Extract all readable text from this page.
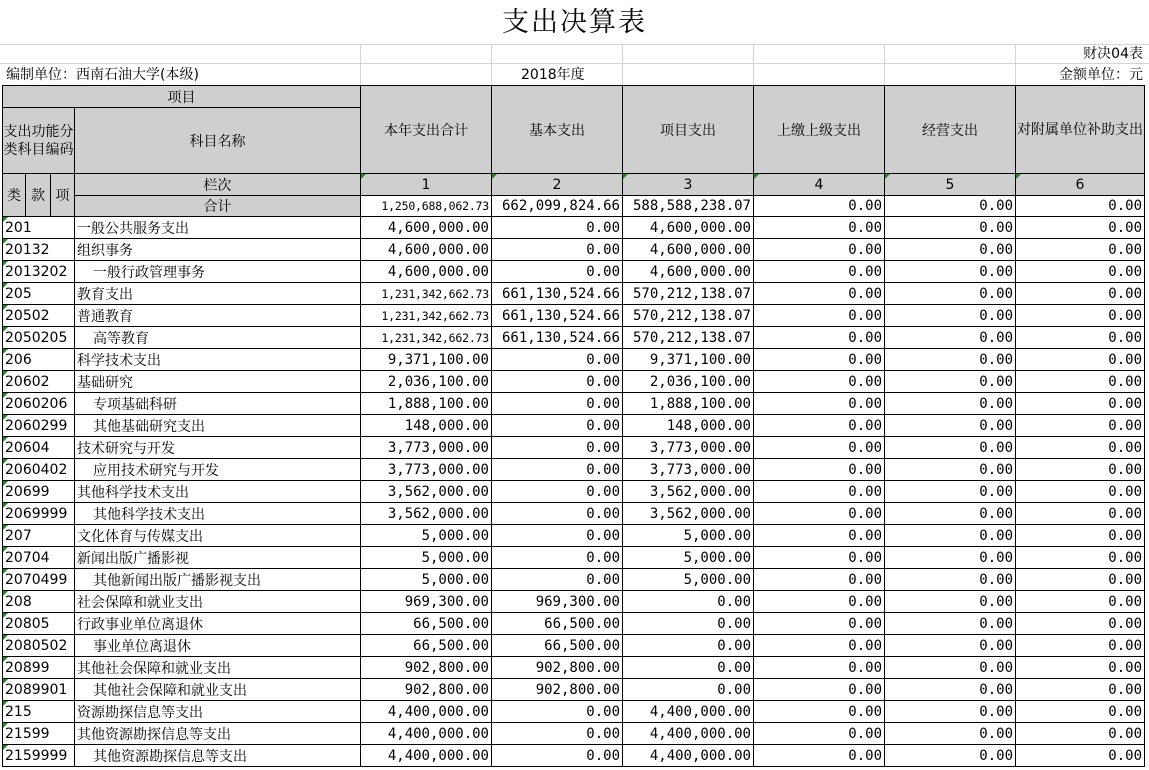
支出决算表
财决04表
编制单位：西南石油大学(本级)	2018年度	金额单位：元
项目				本年支出合计	基本支出	项目支出	上缴上级支出	经营支出	对附属单位补助支出
支出功能分类科目编码			科目名称						
类	款	项	栏次	1	2	3	4	5	6
			合计	1,250,688,062.73	662,099,824.66	588,588,238.07	0.00	0.00	0.00
201			一般公共服务支出	4,600,000.00	0.00	4,600,000.00	0.00	0.00	0.00
20132			组织事务	4,600,000.00	0.00	4,600,000.00	0.00	0.00	0.00
2013202			一般行政管理事务	4,600,000.00	0.00	4,600,000.00	0.00	0.00	0.00
205			教育支出	1,231,342,662.73	661,130,524.66	570,212,138.07	0.00	0.00	0.00
20502			普通教育	1,231,342,662.73	661,130,524.66	570,212,138.07	0.00	0.00	0.00
2050205			高等教育	1,231,342,662.73	661,130,524.66	570,212,138.07	0.00	0.00	0.00
206			科学技术支出	9,371,100.00	0.00	9,371,100.00	0.00	0.00	0.00
20602			基础研究	2,036,100.00	0.00	2,036,100.00	0.00	0.00	0.00
2060206			专项基础科研	1,888,100.00	0.00	1,888,100.00	0.00	0.00	0.00
2060299			其他基础研究支出	148,000.00	0.00	148,000.00	0.00	0.00	0.00
20604			技术研究与开发	3,773,000.00	0.00	3,773,000.00	0.00	0.00	0.00
2060402			应用技术研究与开发	3,773,000.00	0.00	3,773,000.00	0.00	0.00	0.00
20699			其他科学技术支出	3,562,000.00	0.00	3,562,000.00	0.00	0.00	0.00
2069999			其他科学技术支出	3,562,000.00	0.00	3,562,000.00	0.00	0.00	0.00
207			文化体育与传媒支出	5,000.00	0.00	5,000.00	0.00	0.00	0.00
20704			新闻出版广播影视	5,000.00	0.00	5,000.00	0.00	0.00	0.00
2070499			其他新闻出版广播影视支出	5,000.00	0.00	5,000.00	0.00	0.00	0.00
208			社会保障和就业支出	969,300.00	969,300.00	0.00	0.00	0.00	0.00
20805			行政事业单位离退休	66,500.00	66,500.00	0.00	0.00	0.00	0.00
2080502			事业单位离退休	66,500.00	66,500.00	0.00	0.00	0.00	0.00
20899			其他社会保障和就业支出	902,800.00	902,800.00	0.00	0.00	0.00	0.00
2089901			其他社会保障和就业支出	902,800.00	902,800.00	0.00	0.00	0.00	0.00
215			资源勘探信息等支出	4,400,000.00	0.00	4,400,000.00	0.00	0.00	0.00
21599			其他资源勘探信息等支出	4,400,000.00	0.00	4,400,000.00	0.00	0.00	0.00
2159999			其他资源勘探信息等支出	4,400,000.00	0.00	4,400,000.00	0.00	0.00	0.00
